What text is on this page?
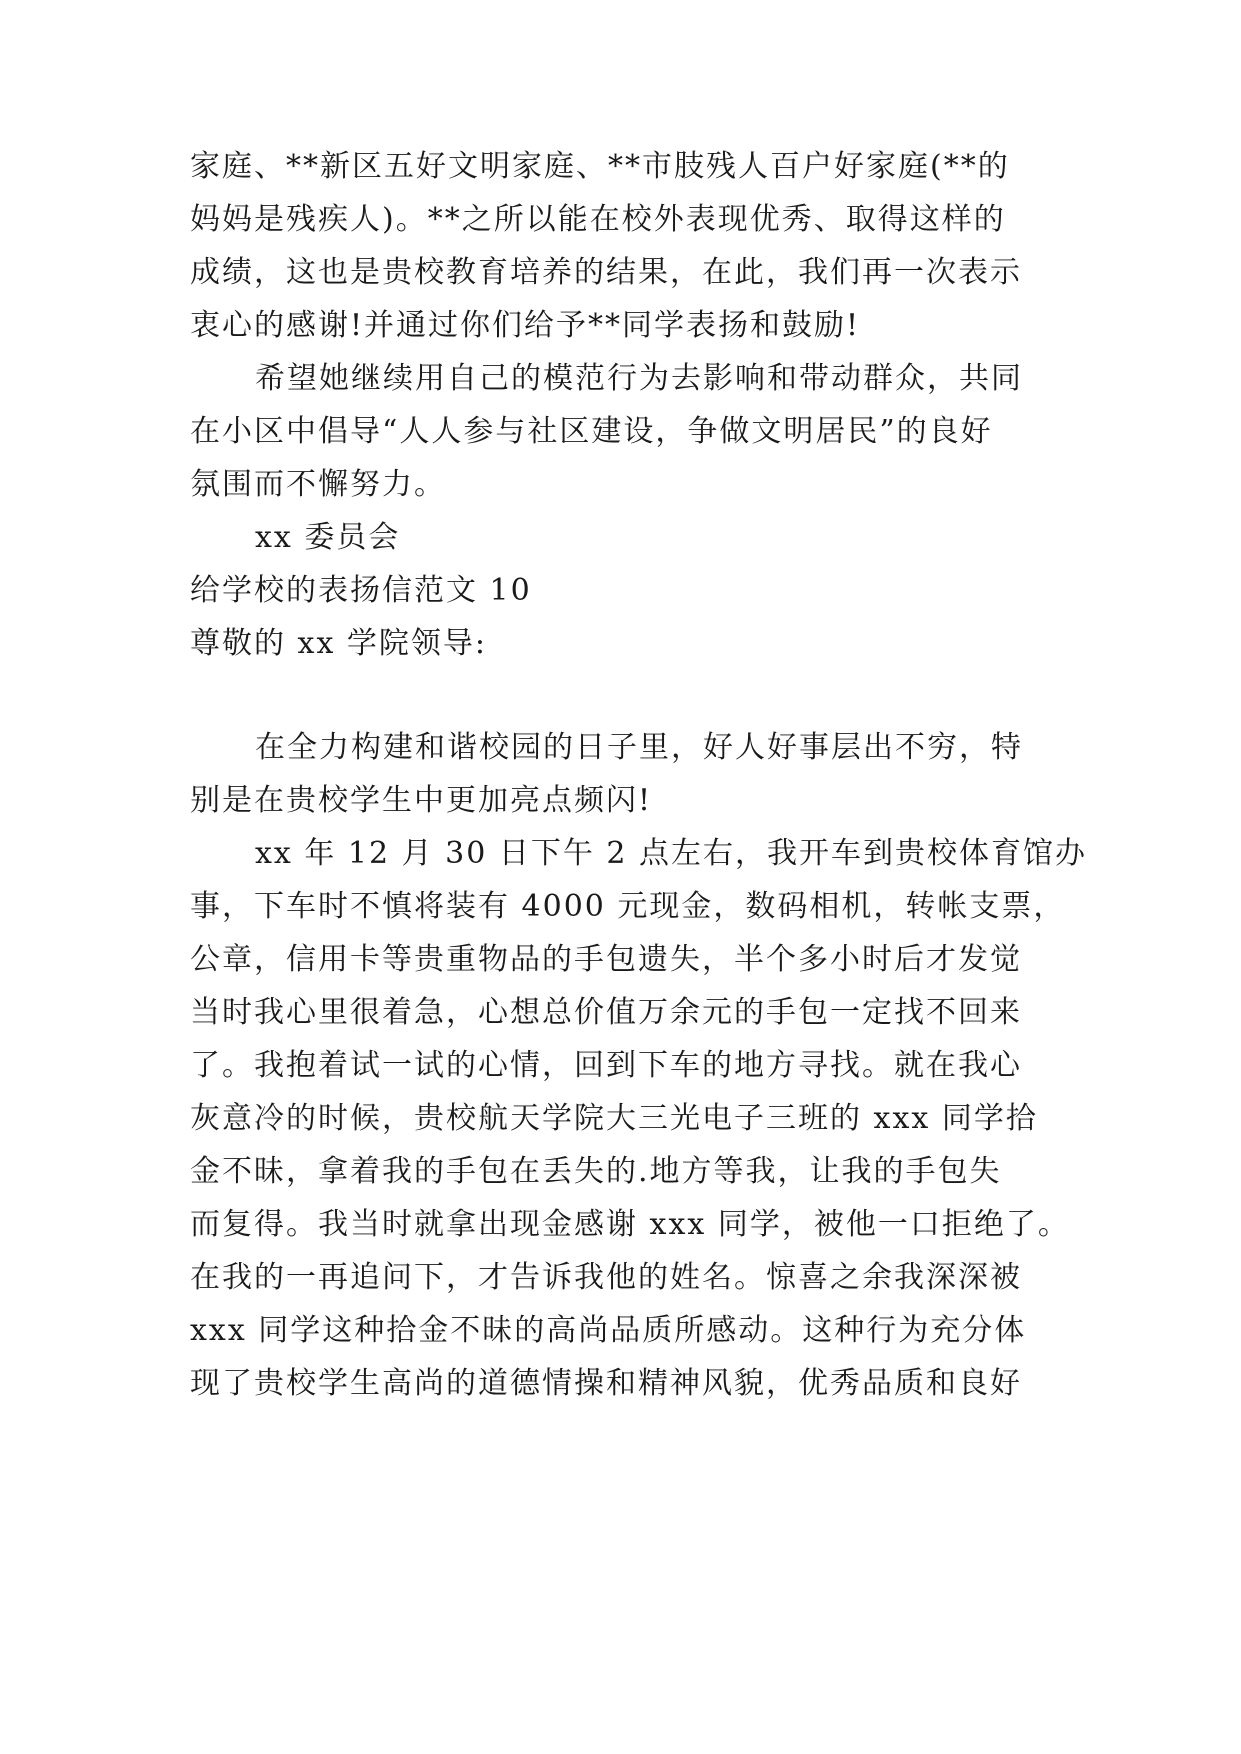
家庭、**新区五好文明家庭、**市肢残人百户好家庭(**的

妈妈是残疾人)。**之所以能在校外表现优秀、取得这样的

成绩，这也是贵校教育培养的结果，在此，我们再一次表示

衷心的感谢!并通过你们给予**同学表扬和鼓励!

希望她继续用自己的模范行为去影响和带动群众，共同

在小区中倡导“人人参与社区建设，争做文明居民”的良好

氛围而不懈努力。

xx 委员会

给学校的表扬信范文 10

尊敬的 xx 学院领导:

在全力构建和谐校园的日子里，好人好事层出不穷，特

别是在贵校学生中更加亮点频闪!

xx 年 12 月 30 日下午 2 点左右，我开车到贵校体育馆办

事，下车时不慎将装有 4000 元现金，数码相机，转帐支票，

公章，信用卡等贵重物品的手包遗失，半个多小时后才发觉

当时我心里很着急，心想总价值万余元的手包一定找不回来

了。我抱着试一试的心情，回到下车的地方寻找。就在我心

灰意冷的时候，贵校航天学院大三光电子三班的 xxx 同学拾

金不昧，拿着我的手包在丢失的.地方等我，让我的手包失

而复得。我当时就拿出现金感谢 xxx 同学，被他一口拒绝了。

在我的一再追问下，才告诉我他的姓名。惊喜之余我深深被

xxx 同学这种拾金不昧的高尚品质所感动。这种行为充分体

现了贵校学生高尚的道德情操和精神风貌，优秀品质和良好
